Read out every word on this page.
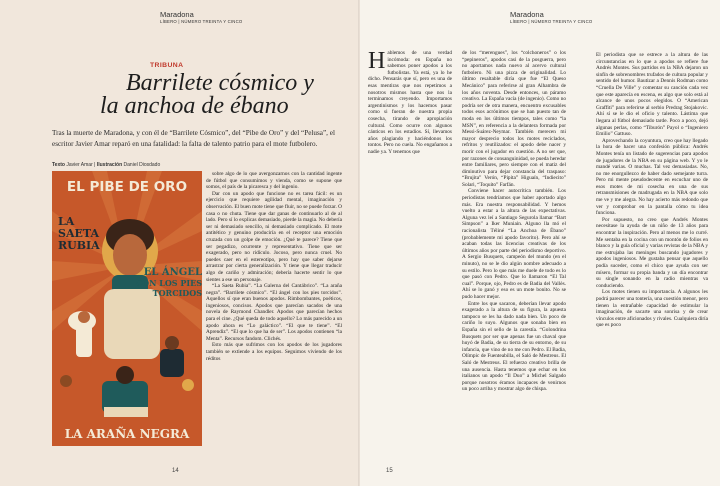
Maradona
LÍBERO | NÚMERO TREINTA Y CINCO
TRIBUNA
Barrilete cósmico y
la anchoa de ébano
Tras la muerte de Maradona, y con él de “Barrilete Cósmico”, del “Pibe de Oro” y del “Pelusa”, el escritor Javier Amar reparó en una fatalidad: la falta de talento patrio para el mote futbolero.
Texto Javier Amar | Ilustración Daniel Diosdado
EL PIBE DE ORO
LA
SAETA
RUBIA
EL ÁNGEL
CON LOS PIES
TORCIDOS
LA ARAÑA NEGRA

sobre algo de lo que avergonzarnos con la cantidad ingente de fútbol que consumimos y vienda, como se supone que somos, el país de la picaresca y del ingenio.

Dar con un apodo que funcione no es tarea fácil: es un ejercicio que requiere agilidad mental, imaginación y observación. El buen mote tiene que fluir, no se puede forzar. O casa o no chuta. Tiene que dar ganas de continuarlo al de al lado. Pero sí lo explicas demasiado, pierde la magia. No debería ser ni demasiado sencillo, ni demasiado complicado. El mote antitético y genuino produciría en el receptor una emoción cruzada con un golpe de emoción. ¿Qué te parece? Tiene que ser pegadizo, ocurrente y representativo. Tiene que ser exagerado, pero no ridículo. Jocoso, pero nunca cruel. No puedes caer en el estereotipo, pero hay que saber dejarse arrastrar por cierta generalización. Y tiene que llegar traducir algo de cariño y admiración; debería hacerte sentir lo que sientes a ese un personaje.

“La Saeta Rubia”. “La Galerna del Cantábrico”. “La araña negra”. “Barrilete cósmico”. “El ángel con los pies torcidos”. Aquellos sí que eran buenos apodos. Rimbombantes, poéticos, ingeniosos, concisos. Apodos que parecían sacados de una novela de Raymond Chandler. Apodos que parecían hechos para el cine. ¿Qué queda de todo aquello? Lo más parecido a un apodo ahora es “Lo galáctico”. “El que te tiene”. “El Aprendiz”. “El que lo que ha de ser”. Los apodos contienen “la Menta”. Recursos fandom. Clichés.

Esto más que sufrimos con los apodos de los jugadores también se extiende a los equipos. Seguimos viviendo de los réditos

14
Maradona
LÍBERO | NÚMERO TREINTA Y CINCO
H ablemos de una verdad incómoda: en España no sabemos poner apodos a los futbolistas. Ya está, ya lo he dicho. Pensarás que sí, pero es una de esas mentiras que nos repetimos a nosotros mismos hasta que nos la terminamos creyendo. Importamos argentinismos y los hacemos pasar como si fueran de nuestra propia cosecha, tirando de apropiación cultural. Como ocurre con algunos cánticos en los estadios. Sí, llevamos años plagiando y haciéndonos los tontos. Pero no cuela. No engañamos a nadie ya. Y tenemos que

de los “merengues”, los “colchoneros” o los “pepineros”, apodos casi de la posguerra, pero no aportamos nada nuevo al acervo cultural futbolero. Ni una pizca de originalidad. Lo último resaltable diría que fue “El Queso Mecánico” para referirse al gran Alhambra de los años noventa. Desde entonces, un páramo creativo. La España vacía (de ingenio). Como no podría ser de otra manera, encuentro excusables todos esos acrónimos que se han puesto tan de moda en los últimos tiempos, tales como “la MSN”, en referencia a la delantera formada por Messi-Suárez-Neymar. También merecen mi mayor desprecio todos los motes reciclados, refritos y reutilizados: el apodo debe nacer y morir con el jugador en cuestión. A no ser que, por razones de consanguinidad, se pueda heredar entre familiares, pero siempre con el matiz del diminutivo para dejar constancia del traspaso: “Brujita” Verón, “Pipita” Higuaín, “Indiecito” Solari, “Toquito” Farfán.

Conviene hacer autocrítica también. Los periodistas tendríamos que haber aportado algo más. Era nuestra responsabilidad. Y hemos vuelto a estar a la altura de las expectativas. Alguna vez leí a Santiago Segurola llamar “Bart Simpson” a Iker Muniain. Alguno lla mó el racionalista Téliné “La Anchoa de Ébano” (probablemente mi apodo favorito). Pero ahí se acaban todas las licencias creativas de los últimos años por parte del periodismo deportivo. A Sergio Busquets, campeón del mundo (en el minuto), no se le dio algún nombre adecuado a su estilo. Pero lo que más me duele de todo es lo que pasó con Pedro. Que lo llamaron “El Tal cual”. Porque, ojo, Pedro es de Badia del Vallès. Ahí se lo ganó y eso es un mote bonito. No se pudo hacer mejor.

Entre los que sacaron, deberían llevar apodo exagerado a la altura de su figura, la apuesta tampoco se les ha dado nada bien. Un poco de cariño lo suyo. Algunos que sonaba bien en España sin el sello de la carestía. “Golondrina Busquets por ser que apenas fue un chaval que huyó de Badia, de su tierra de su entorno, de su infancia, que vino de no me con Pedro. El Badia, Olímpic de Fuenteabilla, el Saló de Mestreus. El Saló de Mestreus. El refuerzo creativo brilla de una ausencia. Hasta tenemos que echar en los italianos un apodo “Il Duo” a Michel Salgado porque nosotros éramos incapaces de venirnos un poco arriba y mostrar algo de chispa.

El periodista que se estrece a la altura de las circunstancias en lo que a apodos se refiere fue Andrés Montes. Sus partidos en la NBA dejaron un sinfín de sobrenombres trufados de cultura popular y sentido del humor. Bautizar a Dennis Rodman como “Cruella De Ville” y comentar su canción cada vez que este aparecía en escena, es algo que solo está al alcance de unos pocos elegidos. O “American Graffiti” para referirse al serbio Predrag Stojakovic. Ahí sí se le dio el oficio y talento. Lástima que llegara al fútbol demasiado tarde. Poco a poco, dejó algunas perlas, como “Tiburón” Payol o “Ingeniero Emilio” Gattuso.

Aprovechando la coyuntura, creo que hay llegado la hora de hacer una confesión pública: Andrés Montes tenía un listado de sugerencias para apodos de jugadores de la NBA en su página web. Y yo le mandé varias. O muchas. Tal vez demasiadas. No, no me enorgullezco de haber dado semejante turra. Pero mi mente pseudodecente en escuchar uno de esos motes de mi cosecha en una de sus retransmisiones de madrugada en la NBA que solo me ve y me alegra. No hay acierto más redondo que ver y comprobar en la pantalla cómo tu idea funciona.

Por supuesto, no creo que Andrés Montes necesitase la ayuda de un niño de 13 años para encontrar la inspiración. Pero al menos me lo curré. Me sentaba en la cocina con un montón de folios en blanco y la guía oficial y varias revistas de la NBA y me estrujaba las meninges buscando jugadores y apodos ingeniosos. Me gustaba pensar que aquello podía suceder, como el chico que ayuda con ser mísero, formar su propia banda y un día encontrar su single sonando en la radio mientras va conduciendo.

Los motes tienen su importancia. A algunos les podrá parecer una tontería, una cuestión menor, pero tienen la entrañable capacidad de estimular la imaginación, de sacarte una sonrisa y de crear vínculos entre aficionados y rivales. Cualquiera diría que es poco

15
